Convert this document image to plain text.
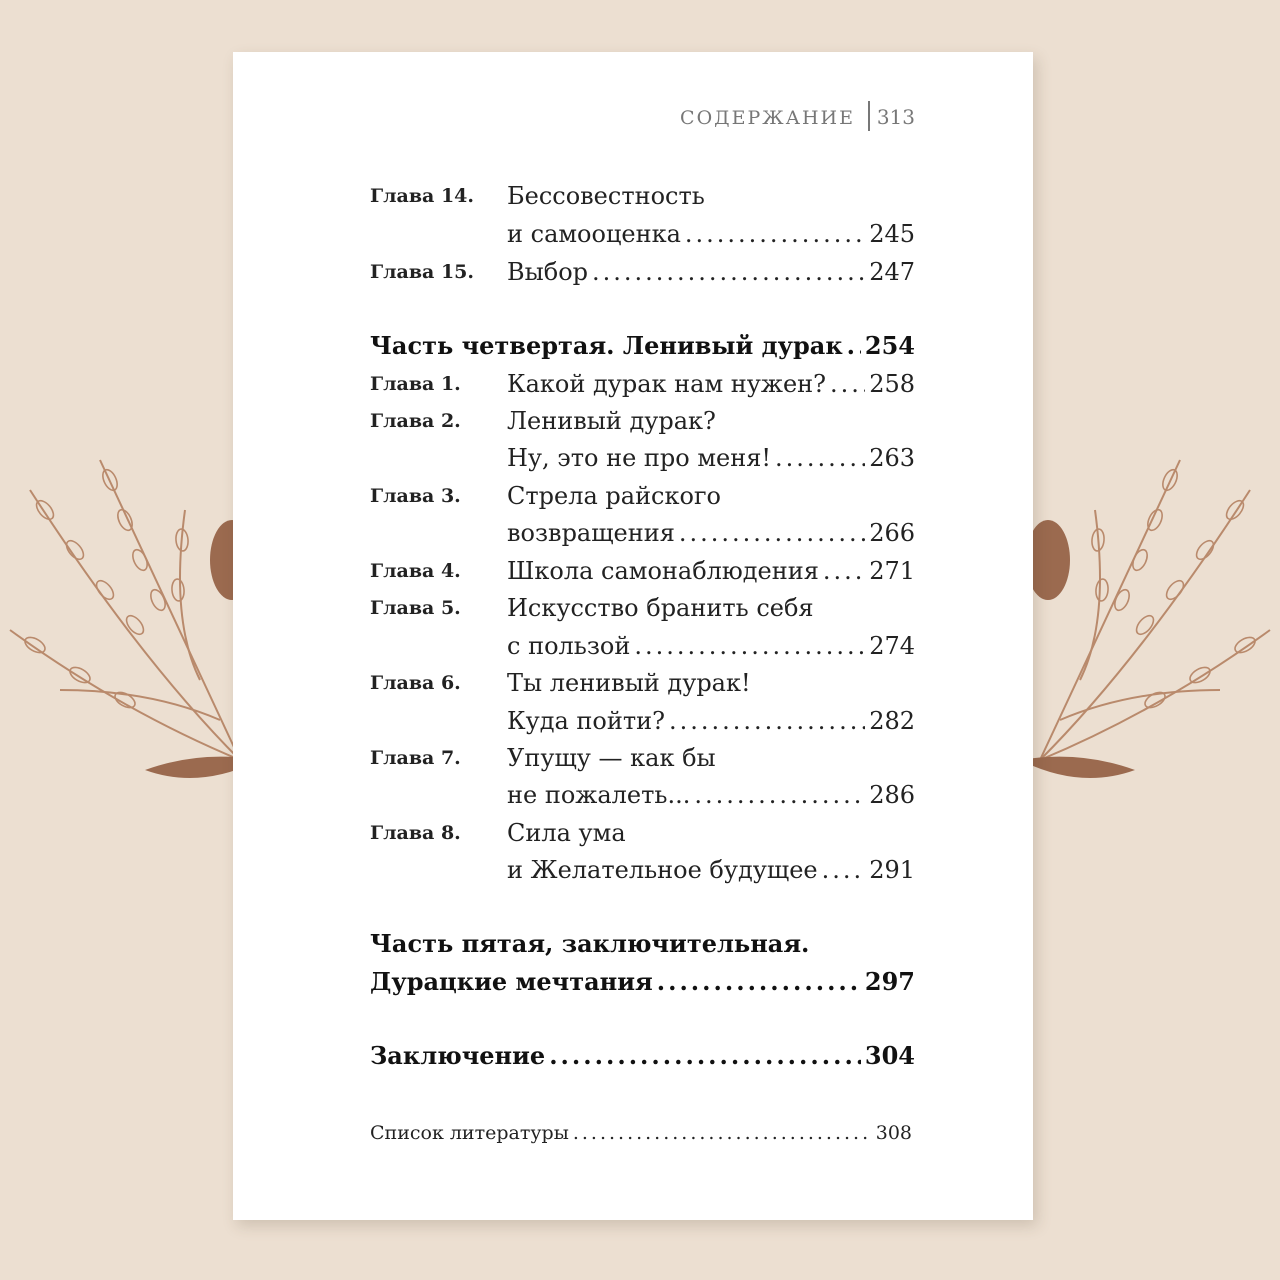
СОДЕРЖАНИЕ 313
Глава 14.	Бессовестность
и самооценка .....	245
Глава 15.	Выбор .....	247
Часть четвертая. Ленивый дурак ..... 254
Глава 1.	Какой дурак нам нужен? ..... 258
Глава 2.	Ленивый дурак?
Ну, это не про меня! .....	263
Глава 3.	Стрела райского
возвращения .....	266
Глава 4.	Школа самонаблюдения ..... 271
Глава 5.	Искусство бранить себя
с пользой .....	274
Глава 6.	Ты ленивый дурак!
Куда пойти? .....	282
Глава 7.	Упущу — как бы
не пожалеть... .....	286
Глава 8.	Сила ума
и Желательное будущее ..... 291
Часть пятая, заключительная.
Дурацкие мечтания .....	297
Заключение .....	304
Список литературы .....	308
